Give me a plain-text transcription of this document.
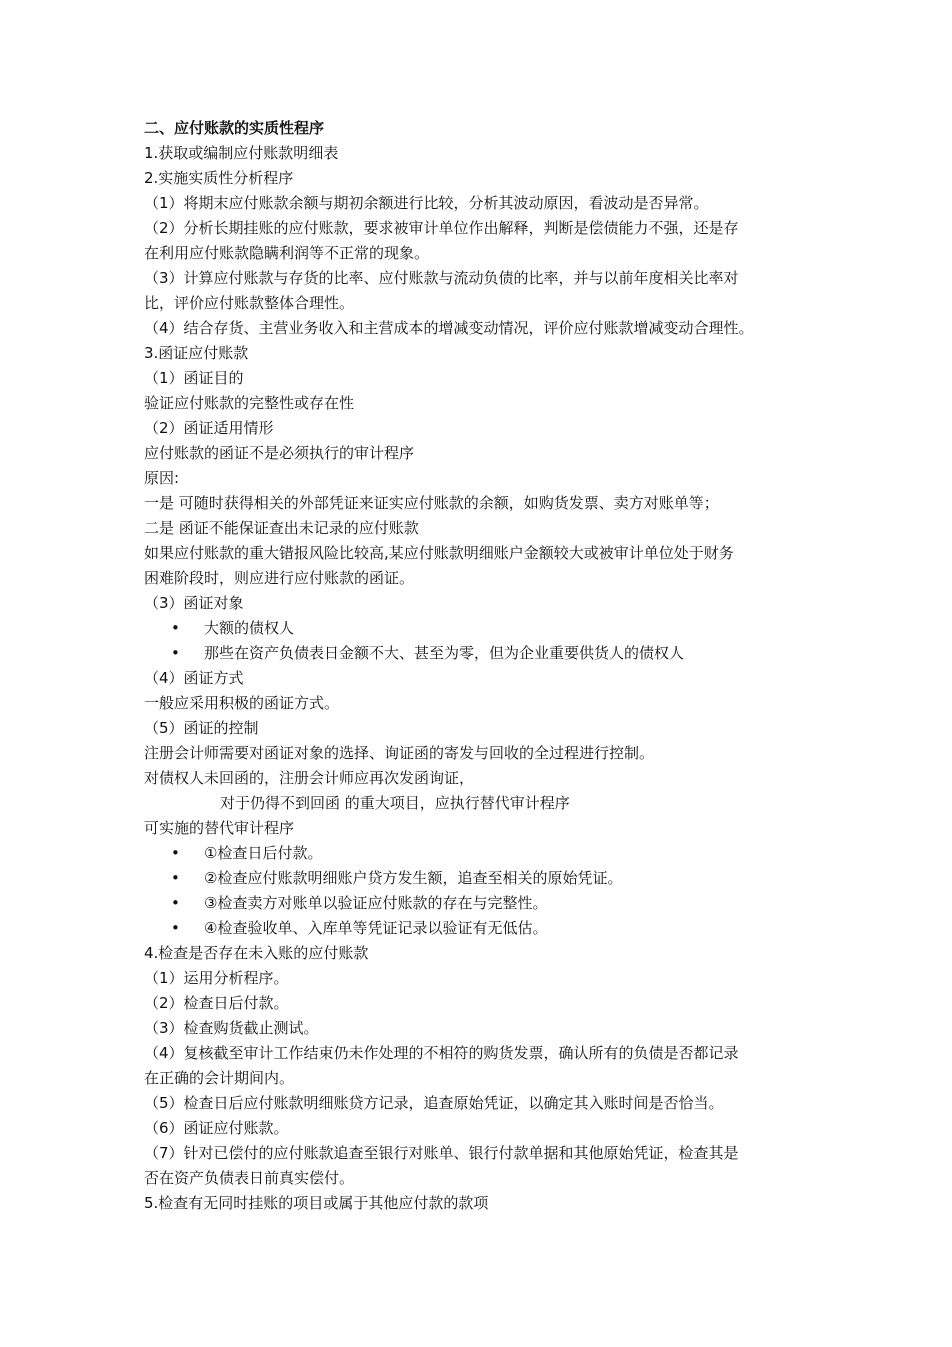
二、应付账款的实质性程序
1.获取或编制应付账款明细表
2.实施实质性分析程序
（1）将期末应付账款余额与期初余额进行比较，分析其波动原因，看波动是否异常。
（2）分析长期挂账的应付账款，要求被审计单位作出解释，判断是偿债能力不强，还是存
在利用应付账款隐瞒利润等不正常的现象。
（3）计算应付账款与存货的比率、应付账款与流动负债的比率，并与以前年度相关比率对
比，评价应付账款整体合理性。
（4）结合存货、主营业务收入和主营成本的增减变动情况，评价应付账款增减变动合理性。
3.函证应付账款
（1）函证目的
验证应付账款的完整性或存在性
（2）函证适用情形
应付账款的函证不是必须执行的审计程序
原因:
一是 可随时获得相关的外部凭证来证实应付账款的余额，如购货发票、卖方对账单等；
二是 函证不能保证查出未记录的应付账款
如果应付账款的重大错报风险比较高,某应付账款明细账户金额较大或被审计单位处于财务
困难阶段时，则应进行应付账款的函证。
（3）函证对象
•	大额的债权人
•	那些在资产负债表日金额不大、甚至为零，但为企业重要供货人的债权人
（4）函证方式
一般应采用积极的函证方式。
（5）函证的控制
注册会计师需要对函证对象的选择、询证函的寄发与回收的全过程进行控制。
对债权人未回函的，注册会计师应再次发函询证，
对于仍得不到回函 的重大项目，应执行替代审计程序
可实施的替代审计程序
•	①检查日后付款。
•	②检查应付账款明细账户贷方发生额，追查至相关的原始凭证。
•	③检查卖方对账单以验证应付账款的存在与完整性。
•	④检查验收单、入库单等凭证记录以验证有无低估。
4.检查是否存在未入账的应付账款
（1）运用分析程序。
（2）检查日后付款。
（3）检查购货截止测试。
（4）复核截至审计工作结束仍未作处理的不相符的购货发票，确认所有的负债是否都记录
在正确的会计期间内。
（5）检查日后应付账款明细账贷方记录，追查原始凭证，以确定其入账时间是否恰当。
（6）函证应付账款。
（7）针对已偿付的应付账款追查至银行对账单、银行付款单据和其他原始凭证，检查其是
否在资产负债表日前真实偿付。
5.检查有无同时挂账的项目或属于其他应付款的款项
